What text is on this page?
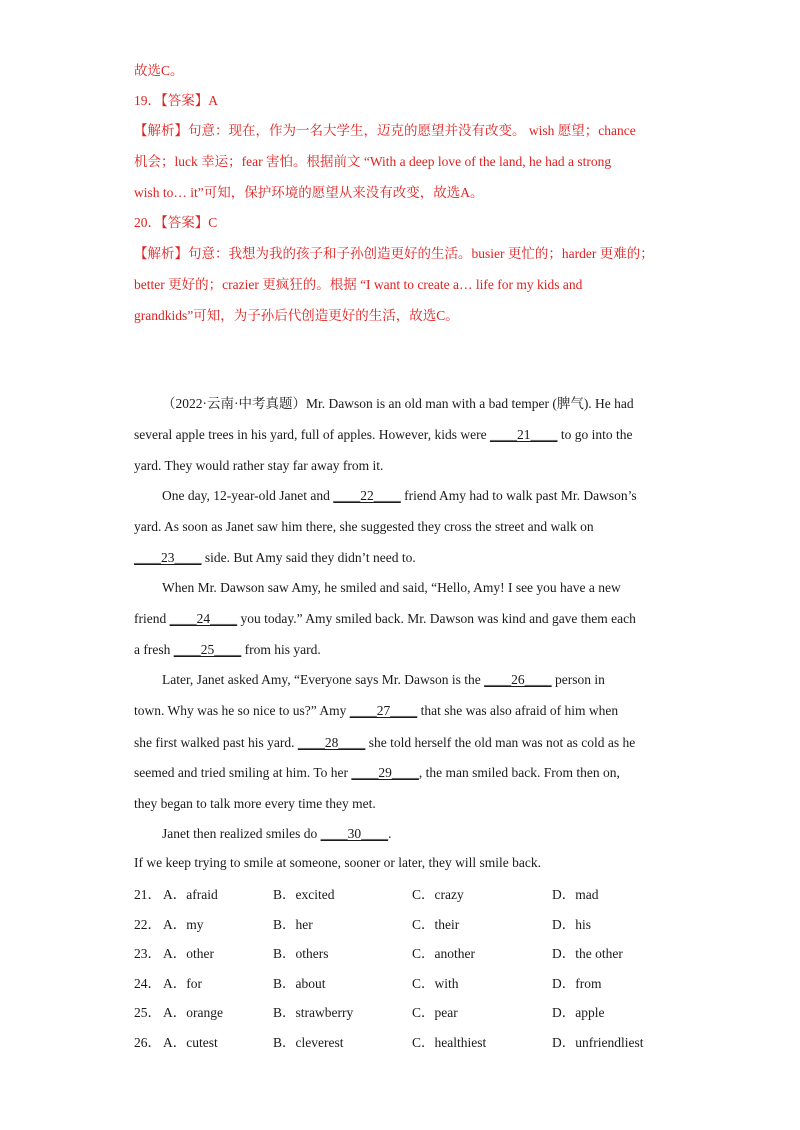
故选C。
19．【答案】A
【解析】句意：现在，作为一名大学生，迈克的愿望并没有改变。 wish 愿望；chance
机会；luck 幸运；fear 害怕。根据前文 “With a deep love of the land, he had a strong
wish to… it”可知，保护环境的愿望从来没有改变，故选A。
20．【答案】C
【解析】句意：我想为我的孩子和子孙创造更好的生活。busier 更忙的；harder 更难的；
better 更好的；crazier 更疯狂的。根据 “I want to create a… life for my kids and
grandkids”可知，为子孙后代创造更好的生活，故选C。
（2022·云南·中考真题）Mr. Dawson is an old man with a bad temper (脾气). He had
several apple trees in his yard, full of apples. However, kids were ____21____ to go into the
yard. They would rather stay far away from it.
One day, 12-year-old Janet and ____22____ friend Amy had to walk past Mr. Dawson’s
yard. As soon as Janet saw him there, she suggested they cross the street and walk on
____23____ side. But Amy said they didn’t need to.
When Mr. Dawson saw Amy, he smiled and said, “Hello, Amy! I see you have a new
friend ____24____ you today.” Amy smiled back. Mr. Dawson was kind and gave them each
a fresh ____25____ from his yard.
Later, Janet asked Amy, “Everyone says Mr. Dawson is the ____26____ person in
town. Why was he so nice to us?” Amy ____27____ that she was also afraid of him when
she first walked past his yard. ____28____ she told herself the old man was not as cold as he
seemed and tried smiling at him. To her ____29____, the man smiled back. From then on,
they began to talk more every time they met.
Janet then realized smiles do ____30____.
If we keep trying to smile at someone, sooner or later, they will smile back.
21． A．afraid	B．excited	C．crazy	D．mad
22． A．my	B．her	C．their	D．his
23． A．other	B．others	C．another	D．the other
24． A．for	B．about	C．with	D．from
25． A．orange	B．strawberry	C．pear	D．apple
26． A．cutest	B．cleverest	C．healthiest	D．unfriendliest
